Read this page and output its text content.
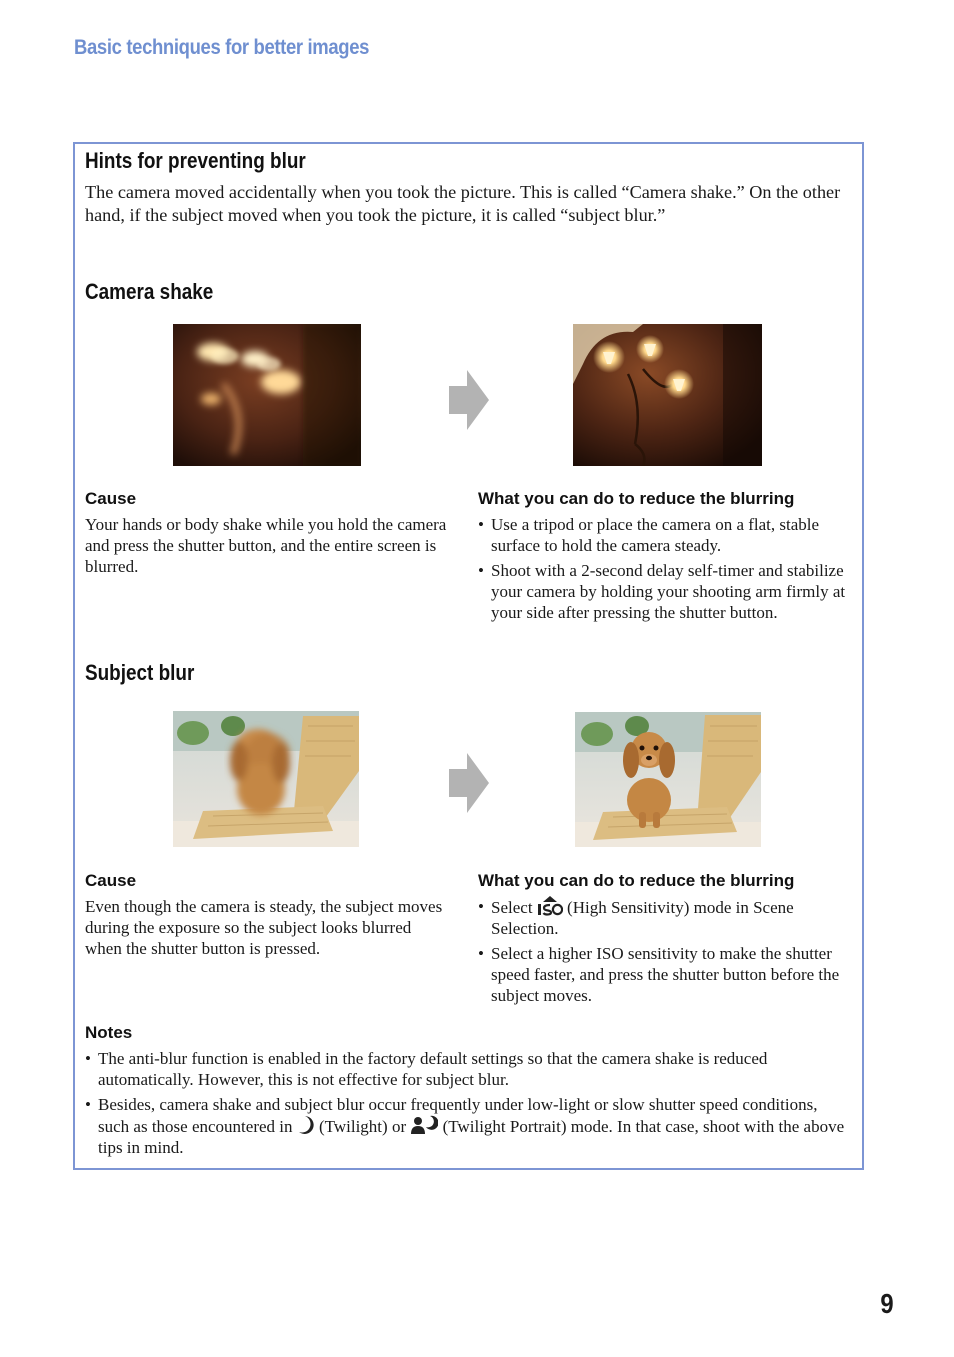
Basic techniques for better images
Hints for preventing blur
The camera moved accidentally when you took the picture. This is called “Camera shake.” On the other hand, if the subject moved when you took the picture, it is called “subject blur.”
Camera shake
Cause
Your hands or body shake while you hold the camera and press the shutter button, and the entire screen is blurred.
What you can do to reduce the blurring
• Use a tripod or place the camera on a flat, stable surface to hold the camera steady.
• Shoot with a 2-second delay self-timer and stabilize your camera by holding your shooting arm firmly at your side after pressing the shutter button.
Subject blur
Cause
Even though the camera is steady, the subject moves during the exposure so the subject looks blurred when the shutter button is pressed.
What you can do to reduce the blurring
• Select (High Sensitivity) mode in Scene Selection.
• Select a higher ISO sensitivity to make the shutter speed faster, and press the shutter button before the subject moves.
Notes
• The anti-blur function is enabled in the factory default settings so that the camera shake is reduced automatically. However, this is not effective for subject blur.
• Besides, camera shake and subject blur occur frequently under low-light or slow shutter speed conditions, such as those encountered in (Twilight) or (Twilight Portrait) mode. In that case, shoot with the above tips in mind.
9
